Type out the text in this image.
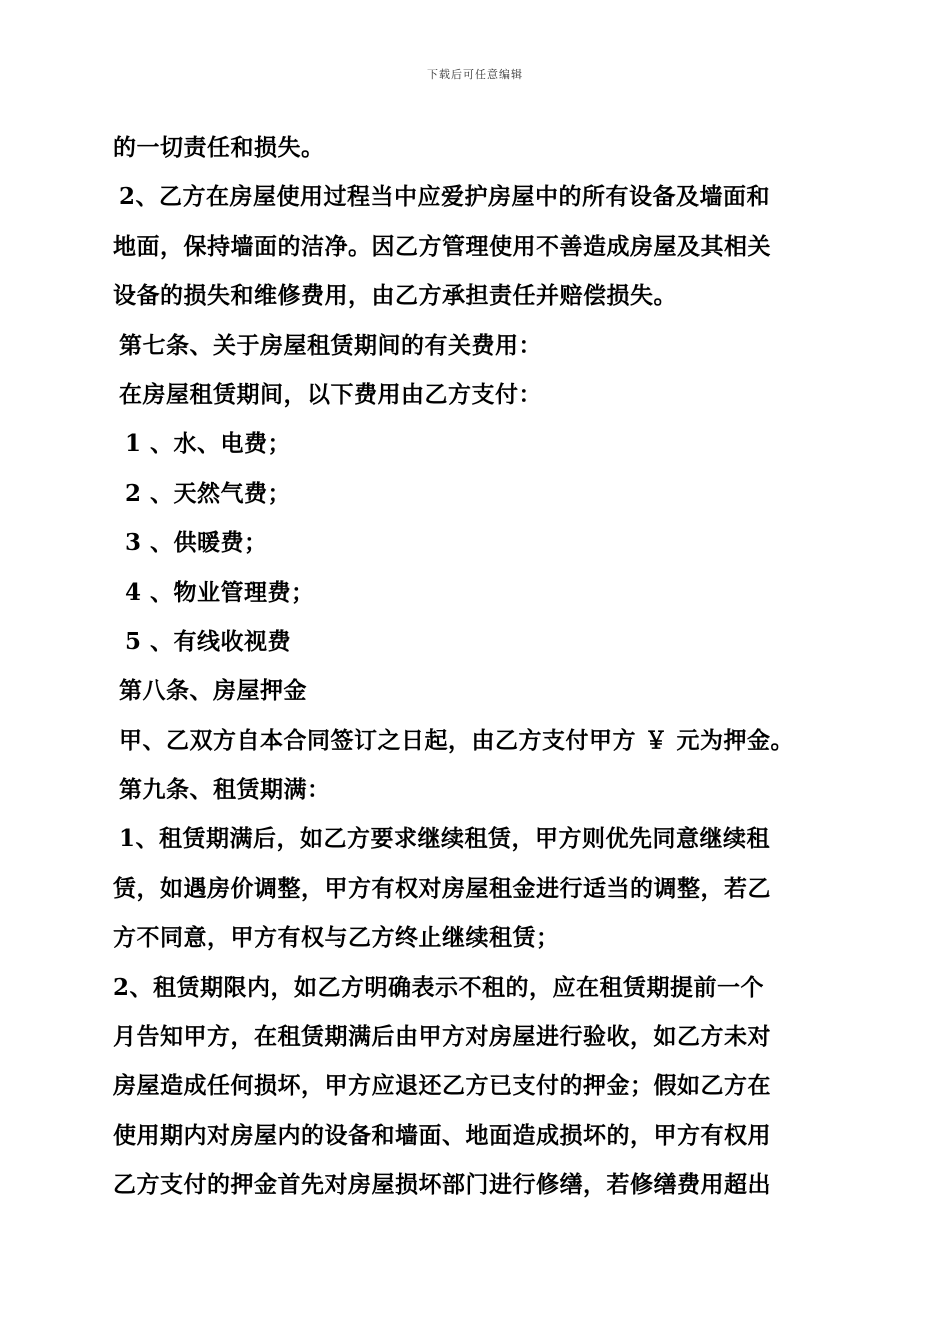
下载后可任意编辑
的一切责任和损失。
2、乙方在房屋使用过程当中应爱护房屋中的所有设备及墙面和
地面，保持墙面的洁净。因乙方管理使用不善造成房屋及其相关
设备的损失和维修费用，由乙方承担责任并赔偿损失。
第七条、关于房屋租赁期间的有关费用：
在房屋租赁期间，以下费用由乙方支付：
1 、水、电费；
2 、天然气费；
3 、供暖费；
4 、物业管理费；
5 、有线收视费
第八条、房屋押金
甲、乙双方自本合同签订之日起，由乙方支付甲方 ￥ 元为押金。
第九条、租赁期满：
1、租赁期满后，如乙方要求继续租赁，甲方则优先同意继续租
赁，如遇房价调整，甲方有权对房屋租金进行适当的调整，若乙
方不同意，甲方有权与乙方终止继续租赁；
2、租赁期限内，如乙方明确表示不租的，应在租赁期提前一个
月告知甲方，在租赁期满后由甲方对房屋进行验收，如乙方未对
房屋造成任何损坏，甲方应退还乙方已支付的押金；假如乙方在
使用期内对房屋内的设备和墙面、地面造成损坏的，甲方有权用
乙方支付的押金首先对房屋损坏部门进行修缮，若修缮费用超出
